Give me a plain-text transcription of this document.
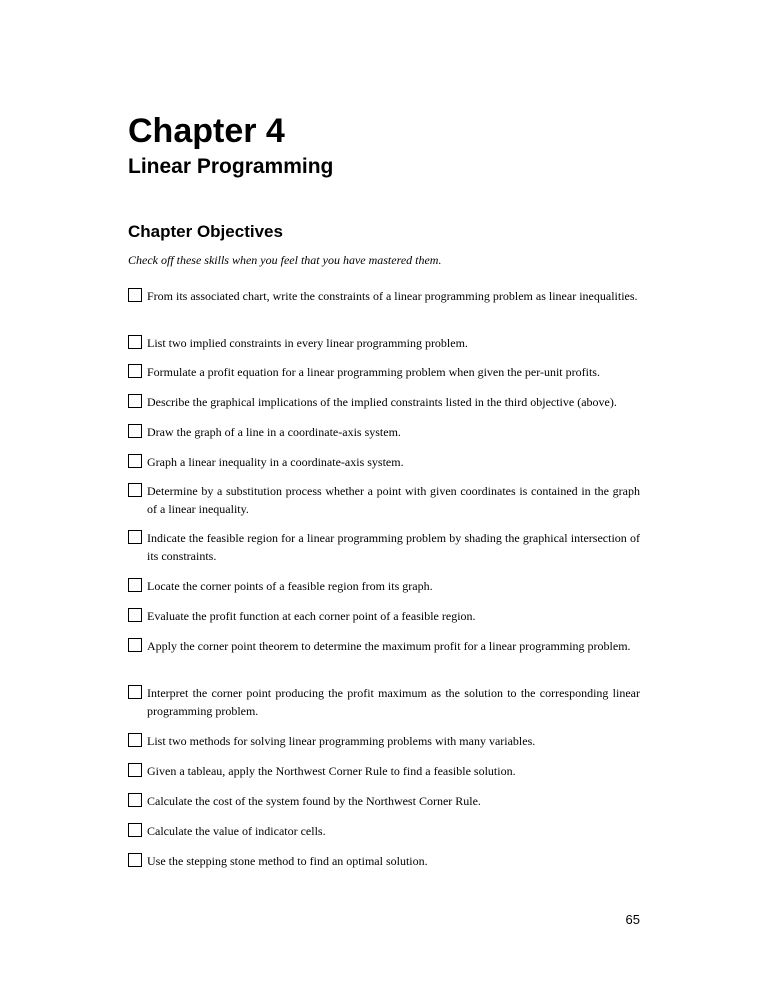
Chapter 4
Linear Programming
Chapter Objectives

Check off these skills when you feel that you have mastered them.

From its associated chart, write the constraints of a linear programming problem as linear inequalities.
List two implied constraints in every linear programming problem.
Formulate a profit equation for a linear programming problem when given the per-unit profits.
Describe the graphical implications of the implied constraints listed in the third objective (above).
Draw the graph of a line in a coordinate-axis system.
Graph a linear inequality in a coordinate-axis system.
Determine by a substitution process whether a point with given coordinates is contained in the graph of a linear inequality.
Indicate the feasible region for a linear programming problem by shading the graphical intersection of its constraints.
Locate the corner points of a feasible region from its graph.
Evaluate the profit function at each corner point of a feasible region.
Apply the corner point theorem to determine the maximum profit for a linear programming problem.
Interpret the corner point producing the profit maximum as the solution to the corresponding linear programming problem.
List two methods for solving linear programming problems with many variables.
Given a tableau, apply the Northwest Corner Rule to find a feasible solution.
Calculate the cost of the system found by the Northwest Corner Rule.
Calculate the value of indicator cells.
Use the stepping stone method to find an optimal solution.

65
